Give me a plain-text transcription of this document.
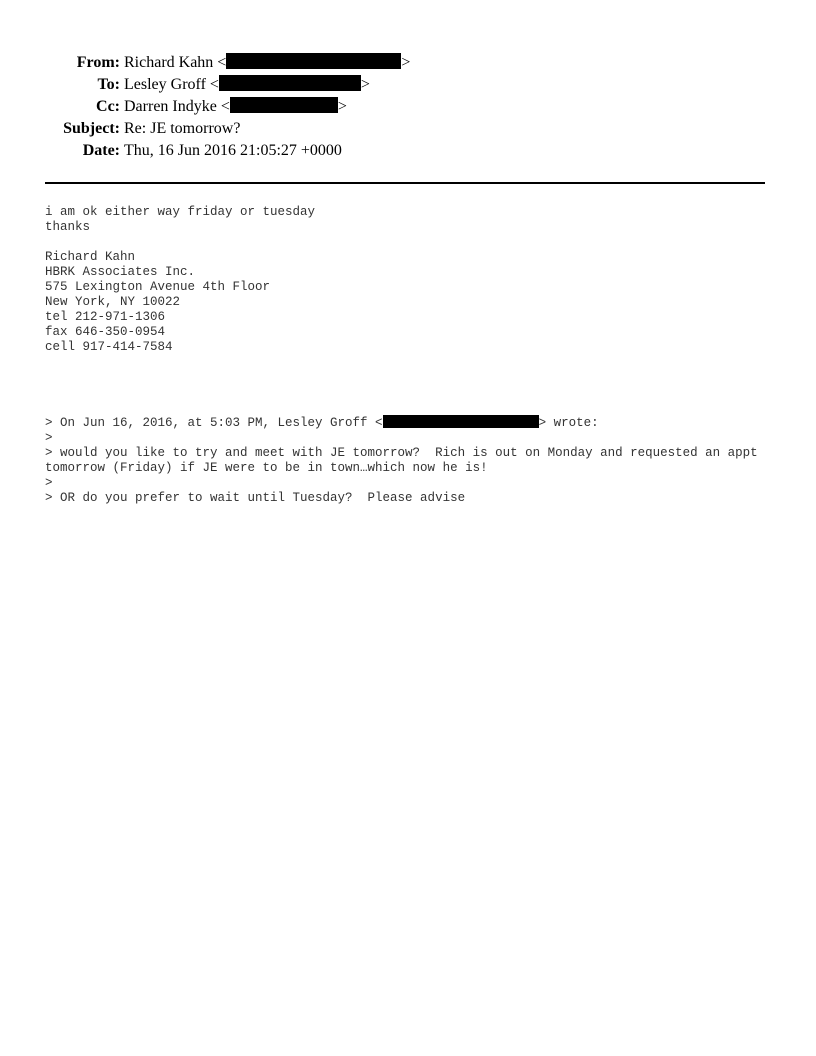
From: Richard Kahn <	>
To: Lesley Groff <	>
Cc: Darren Indyke <	>
Subject: Re: JE tomorrow?
Date: Thu, 16 Jun 2016 21:05:27 +0000
i am ok either way friday or tuesday
thanks
Richard Kahn
HBRK Associates Inc.
575 Lexington Avenue 4th Floor
New York, NY 10022
tel 212-971-1306
fax 646-350-0954
cell 917-414-7584
> On Jun 16, 2016, at 5:03 PM, Lesley Groff <	> wrote:
>
> would you like to try and meet with JE tomorrow?  Rich is out on Monday and requested an appt tomorrow (Friday) if JE were to be in town…which now he is!
>
> OR do you prefer to wait until Tuesday?  Please advise
